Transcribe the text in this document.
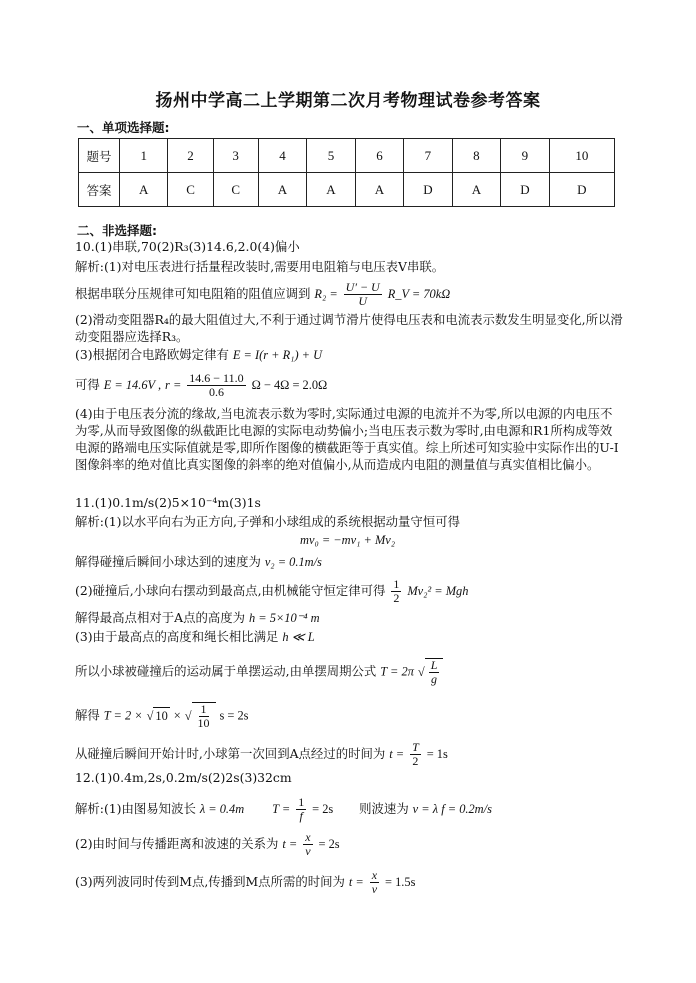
扬州中学高二上学期第二次月考物理试卷参考答案
一、单项选择题:
题号	1	2	3	4	5	6	7	8	9	10
答案	A	C	C	A	A	A	D	A	D	D
二、非选择题:
10.(1)串联,70(2)R₃(3)14.6,2.0(4)偏小
解析:(1)对电压表进行括量程改装时,需要用电阻箱与电压表V串联。
根据串联分压规律可知电阻箱的阻值应调到 $R_2 = \frac{U' - U}{U}$ R_V = 70kΩ
(2)滑动变阻器R₄的最大阻值过大,不利于通过调节滑片使得电压表和电流表示数发生明显变化,所以滑动变阻器应选择R₃。
(3)根据闭合电路欧姆定律有 E = I(r + R₁) + U
可得 E = 14.6V , $r = \frac{14.6 - 11.0}{0.6}$ Ω − 4Ω = 2.0Ω
(4)由于电压表分流的缘故,当电流表示数为零时,实际通过电源的电流并不为零,所以电源的内电压不为零,从而导致图像的纵截距比电源的实际电动势偏小;当电压表示数为零时,由电源和R1所构成等效电源的路端电压实际值就是零,即所作图像的横截距等于真实值。综上所述可知实验中实际作出的U-I图像斜率的绝对值比真实图像的斜率的绝对值偏小,从而造成内电阻的测量值与真实值相比偏小。
11.(1)0.1m/s(2)5×10⁻⁴m(3)1s
解析:(1)以水平向右为正方向,子弹和小球组成的系统根据动量守恒可得
mv₀ = −mv₁ + Mv₂
解得碰撞后瞬间小球达到的速度为 v₂ = 0.1m/s
(2)碰撞后,小球向右摆动到最高点,由机械能守恒定律可得 $\frac{1}{2} Mv_2^2$ = Mgh
解得最高点相对于A点的高度为 h = 5×10⁻⁴ m
(3)由于最高点的高度和绳长相比满足 h ≪ L
所以小球被碰撞后的运动属于单摆运动,由单摆周期公式 T = 2π √ $\frac{L}{g}$
解得 T = 2 × √ 10 × √ $\frac{1}{10}$ s = 2s
从碰撞后瞬间开始计时,小球第一次回到A点经过的时间为 $t = \frac{T}{2} = 1s$
12.(1)0.4m,2s,0.2m/s(2)2s(3)32cm
解析:(1)由图易知波长 λ = 0.4m $T = \frac{1}{f} = 2s$ 则波速为 v = λ f = 0.2m/s
(2)由时间与传播距离和波速的关系为 $t = \frac{x}{v} = 2s$
(3)两列波同时传到M点,传播到M点所需的时间为 $t = \frac{x}{v} = 1.5s$
